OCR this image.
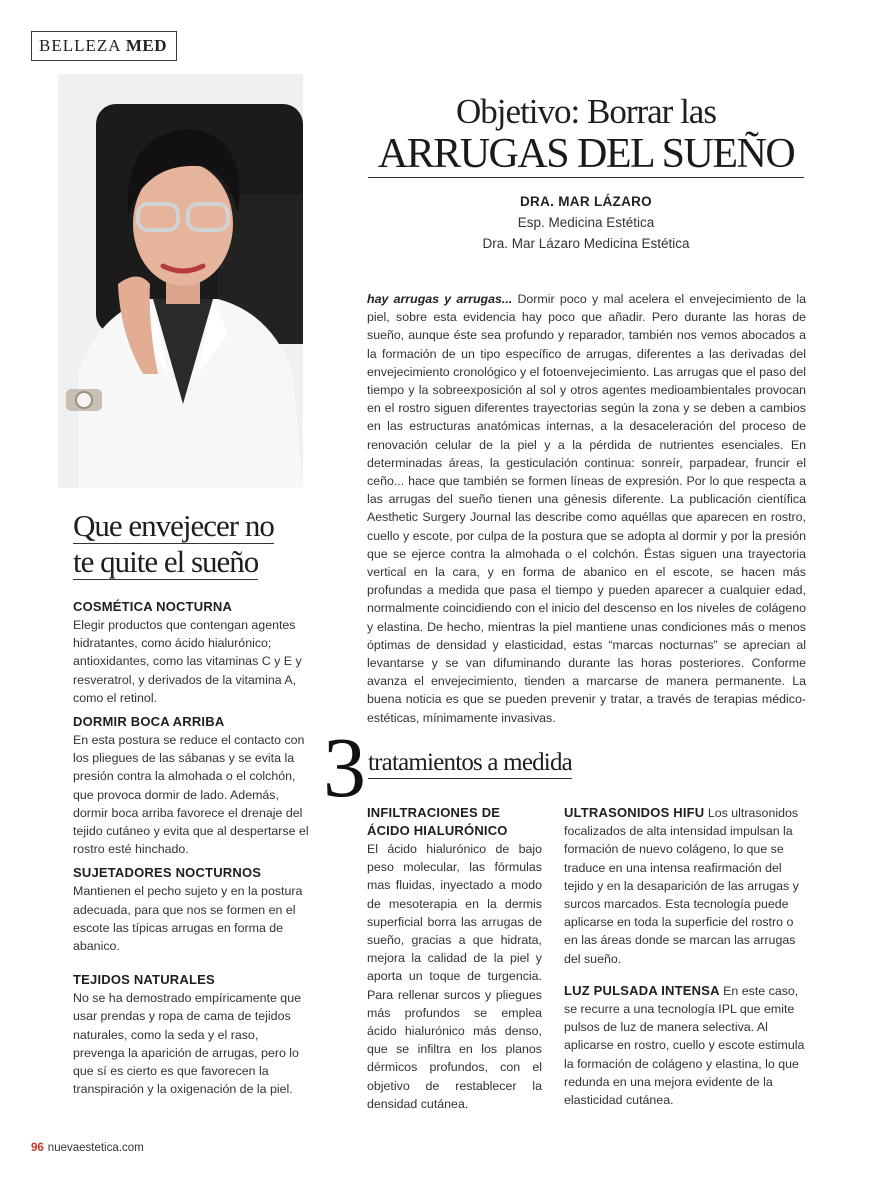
BELLEZA MED
Objetivo: Borrar las
ARRUGAS DEL SUEÑO
DRA. MAR LÁZARO
Esp. Medicina Estética
Dra. Mar Lázaro Medicina Estética
hay arrugas y arrugas... Dormir poco y mal acelera el envejecimiento de la piel, sobre esta evidencia hay poco que añadir. Pero durante las horas de sueño, aunque éste sea profundo y reparador, también nos vemos abocados a la formación de un tipo específico de arrugas, diferentes a las derivadas del envejecimiento cronológico y el fotoenvejecimiento. Las arrugas que el paso del tiempo y la sobreexposición al sol y otros agentes medioambientales provocan en el rostro siguen diferentes trayectorias según la zona y se deben a cambios en las estructuras anatómicas internas, a la desaceleración del proceso de renovación celular de la piel y a la pérdida de nutrientes esenciales. En determinadas áreas, la gesticulación continua: sonreír, parpadear, fruncir el ceño... hace que también se formen líneas de expresión. Por lo que respecta a las arrugas del sueño tienen una génesis diferente. La publicación científica Aesthetic Surgery Journal las describe como aquéllas que aparecen en rostro, cuello y escote, por culpa de la postura que se adopta al dormir y por la presión que se ejerce contra la almohada o el colchón. Éstas siguen una trayectoria vertical en la cara, y en forma de abanico en el escote, se hacen más profundas a medida que pasa el tiempo y pueden aparecer a cualquier edad, normalmente coincidiendo con el inicio del descenso en los niveles de colágeno y elastina. De hecho, mientras la piel mantiene unas condiciones más o menos óptimas de densidad y elasticidad, estas “marcas nocturnas” se aprecian al levantarse y se van difuminando durante las horas posteriores. Conforme avanza el envejecimiento, tienden a marcarse de manera permanente. La buena noticia es que se pueden prevenir y tratar, a través de terapias médico-estéticas, mínimamente invasivas.
Que envejecer no
te quite el sueño
COSMÉTICA NOCTURNA

Elegir productos que contengan agentes hidratantes, como ácido hialurónico; antioxidantes, como las vitaminas C y E y resveratrol, y derivados de la vitamina A, como el retinol.

DORMIR BOCA ARRIBA

En esta postura se reduce el contacto con los pliegues de las sábanas y se evita la presión contra la almohada o el colchón, que provoca dormir de lado. Además, dormir boca arriba favorece el drenaje del tejido cutáneo y evita que al despertarse el rostro esté hinchado.

SUJETADORES NOCTURNOS

Mantienen el pecho sujeto y en la postura adecuada, para que nos se formen en el escote las típicas arrugas en forma de abanico.

TEJIDOS NATURALES

No se ha demostrado empíricamente que usar prendas y ropa de cama de tejidos naturales, como la seda y el raso, prevenga la aparición de arrugas, pero lo que sí es cierto es que favorecen la transpiración y la oxigenación de la piel.

3 tratamientos a medida
INFILTRACIONES DE ÁCIDO HIALURÓNICO

El ácido hialurónico de bajo peso molecular, las fórmulas mas fluidas, inyectado a modo de mesoterapia en la dermis superficial borra las arrugas de sueño, gracias a que hidrata, mejora la calidad de la piel y aporta un toque de turgencia. Para rellenar surcos y pliegues más profundos se emplea ácido hialurónico más denso, que se infiltra en los planos dérmicos profundos, con el objetivo de restablecer la densidad cutánea.

ULTRASONIDOS HIFU Los ultrasonidos focalizados de alta intensidad impulsan la formación de nuevo colágeno, lo que se traduce en una intensa reafirmación del tejido y en la desaparición de las arrugas y surcos marcados. Esta tecnología puede aplicarse en toda la superficie del rostro o en las áreas donde se marcan las arrugas del sueño.

LUZ PULSADA INTENSA En este caso, se recurre a una tecnología IPL que emite pulsos de luz de manera selectiva. Al aplicarse en rostro, cuello y escote estimula la formación de colágeno y elastina, lo que redunda en una mejora evidente de la elasticidad cutánea.

96 nuevaestetica.com
